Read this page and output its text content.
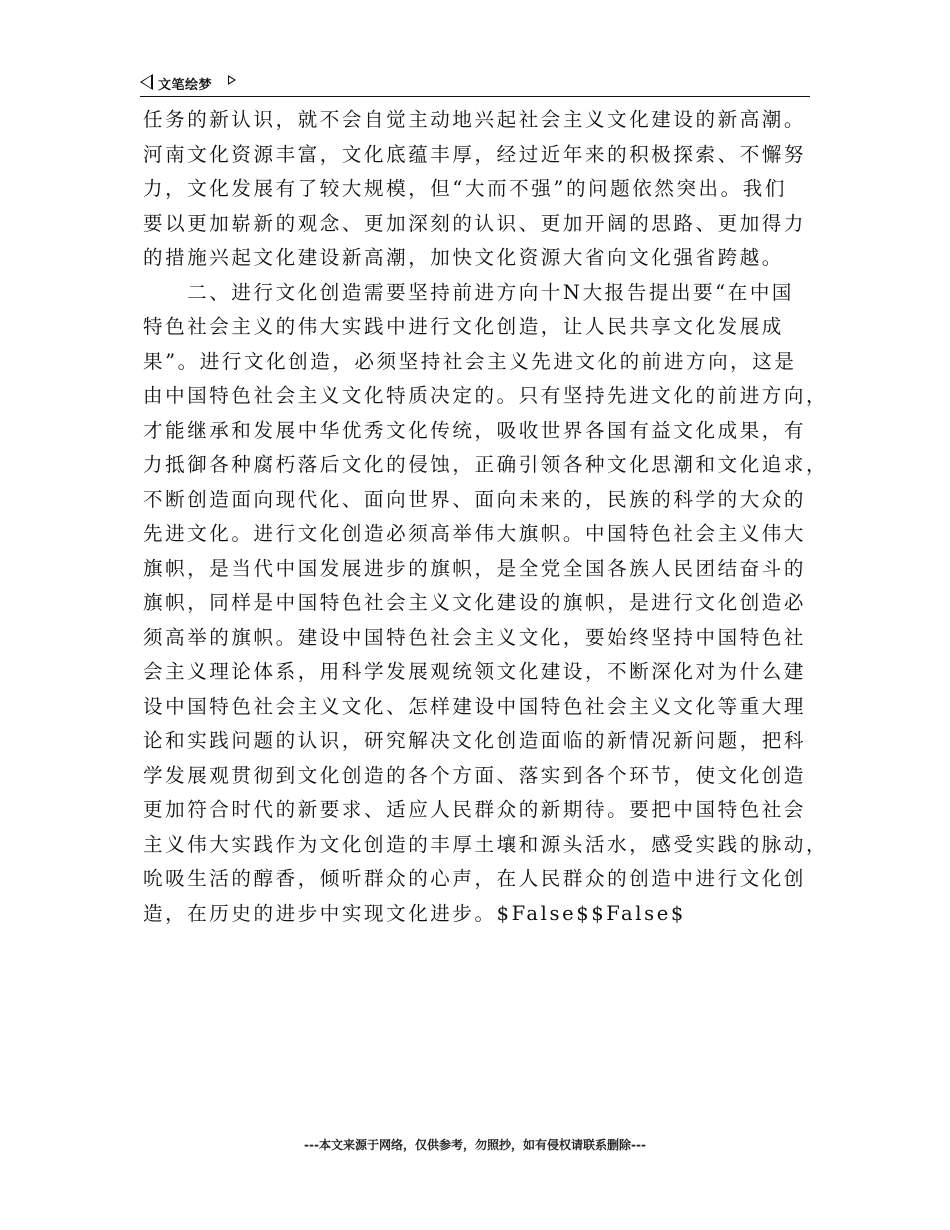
文笔绘梦
任务的新认识，就不会自觉主动地兴起社会主义文化建设的新高潮。
河南文化资源丰富，文化底蕴丰厚，经过近年来的积极探索、不懈努
力，文化发展有了较大规模，但“大而不强”的问题依然突出。我们
要以更加崭新的观念、更加深刻的认识、更加开阔的思路、更加得力
的措施兴起文化建设新高潮，加快文化资源大省向文化强省跨越。
　　二、进行文化创造需要坚持前进方向十N大报告提出要“在中国
特色社会主义的伟大实践中进行文化创造，让人民共享文化发展成
果”。进行文化创造，必须坚持社会主义先进文化的前进方向，这是
由中国特色社会主义文化特质决定的。只有坚持先进文化的前进方向，
才能继承和发展中华优秀文化传统，吸收世界各国有益文化成果，有
力抵御各种腐朽落后文化的侵蚀，正确引领各种文化思潮和文化追求，
不断创造面向现代化、面向世界、面向未来的，民族的科学的大众的
先进文化。进行文化创造必须高举伟大旗帜。中国特色社会主义伟大
旗帜，是当代中国发展进步的旗帜，是全党全国各族人民团结奋斗的
旗帜，同样是中国特色社会主义文化建设的旗帜，是进行文化创造必
须高举的旗帜。建设中国特色社会主义文化，要始终坚持中国特色社
会主义理论体系，用科学发展观统领文化建设，不断深化对为什么建
设中国特色社会主义文化、怎样建设中国特色社会主义文化等重大理
论和实践问题的认识，研究解决文化创造面临的新情况新问题，把科
学发展观贯彻到文化创造的各个方面、落实到各个环节，使文化创造
更加符合时代的新要求、适应人民群众的新期待。要把中国特色社会
主义伟大实践作为文化创造的丰厚土壤和源头活水，感受实践的脉动，
吮吸生活的醇香，倾听群众的心声，在人民群众的创造中进行文化创
造，在历史的进步中实现文化进步。$False$$False$
---本文来源于网络，仅供参考，勿照抄，如有侵权请联系删除---
